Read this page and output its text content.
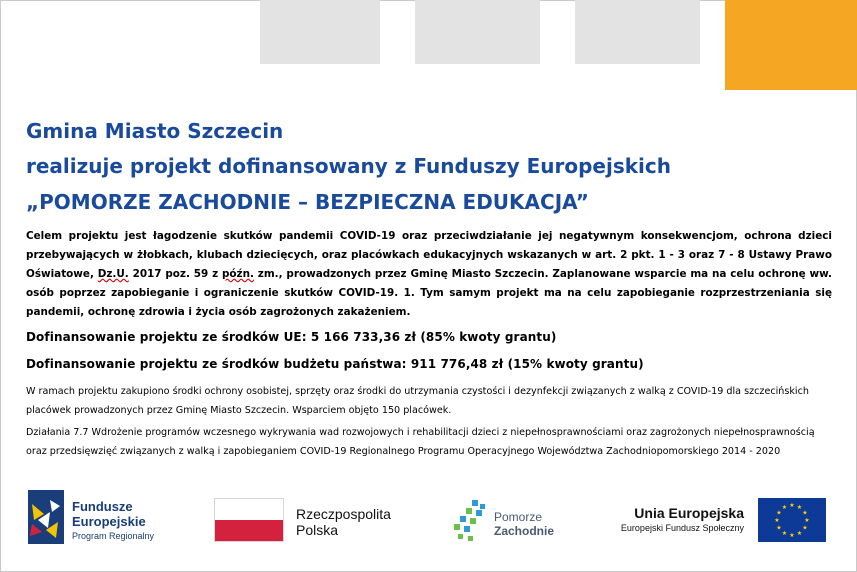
Gmina Miasto Szczecin
realizuje projekt dofinansowany z Funduszy Europejskich
„POMORZE ZACHODNIE – BEZPIECZNA EDUKACJA”

Celem projektu jest łagodzenie skutków pandemii COVID-19 oraz przeciwdziałanie jej negatywnym konsekwencjom, ochrona dzieci przebywających w żłobkach, klubach dziecięcych, oraz placówkach edukacyjnych wskazanych w art. 2 pkt. 1 - 3 oraz 7 - 8 Ustawy Prawo Oświatowe, Dz.U. 2017 poz. 59 z późn. zm., prowadzonych przez Gminę Miasto Szczecin. Zaplanowane wsparcie ma na celu ochronę ww. osób poprzez zapobieganie i ograniczenie skutków COVID-19. 1. Tym samym projekt ma na celu zapobieganie rozprzestrzeniania się pandemii, ochronę zdrowia i życia osób zagrożonych zakażeniem.

Dofinansowanie projektu ze środków UE: 5 166 733,36 zł (85% kwoty grantu)

Dofinansowanie projektu ze środków budżetu państwa: 911 776,48 zł (15% kwoty grantu)

W ramach projektu zakupiono środki ochrony osobistej, sprzęty oraz środki do utrzymania czystości i dezynfekcji związanych z walką z COVID-19 dla szczecińskich placówek prowadzonych przez Gminę Miasto Szczecin. Wsparciem objęto 150 placówek.

Działania 7.7 Wdrożenie programów wczesnego wykrywania wad rozwojowych i rehabilitacji dzieci z niepełnosprawnościami oraz zagrożonych niepełnosprawnością oraz przedsięwzięć związanych z walką i zapobieganiem COVID-19 Regionalnego Programu Operacyjnego Województwa Zachodniopomorskiego 2014 - 2020

Fundusze
Europejskie
Program Regionalny
Rzeczpospolita
Polska
Pomorze
Zachodnie
Unia Europejska
Europejski Fundusz Społeczny
★ ★
★
★
★
★
★
★
★
★
★
★
